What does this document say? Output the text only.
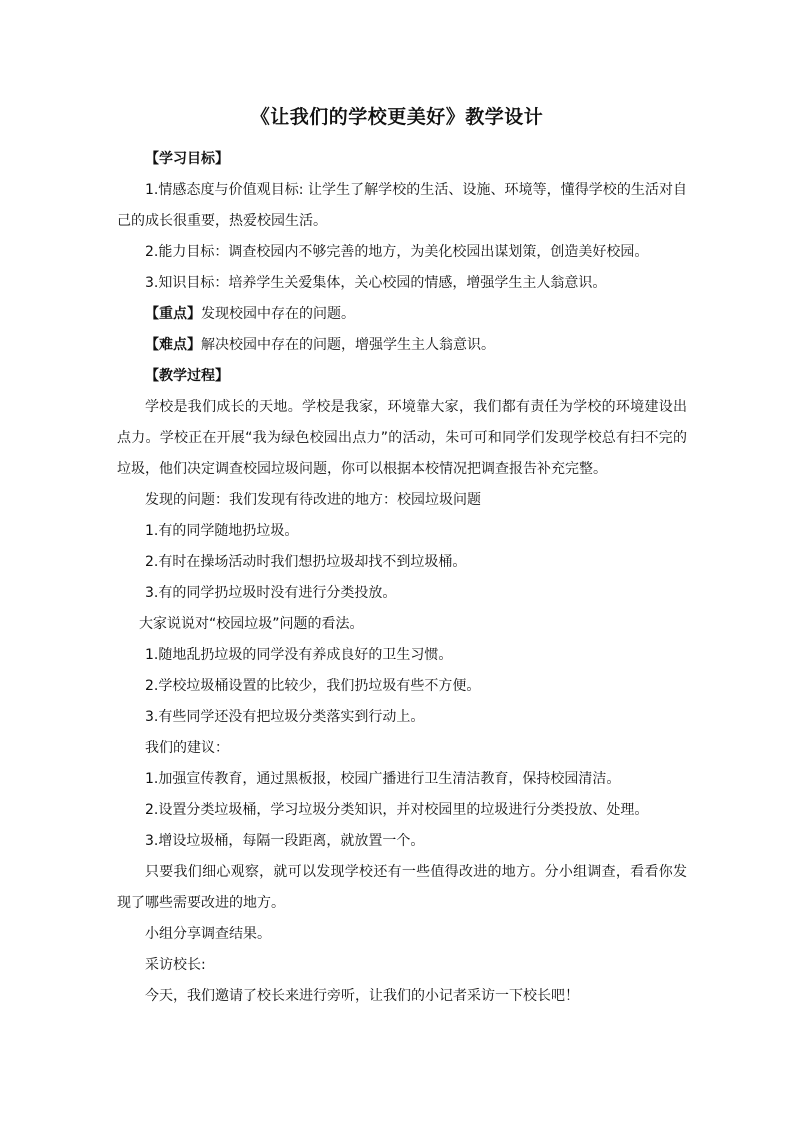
《让我们的学校更美好》教学设计

【学习目标】

1.情感态度与价值观目标: 让学生了解学校的生活、设施、环境等，懂得学校的生活对自己的成长很重要，热爱校园生活。

2.能力目标：调查校园内不够完善的地方，为美化校园出谋划策，创造美好校园。

3.知识目标：培养学生关爱集体，关心校园的情感，增强学生主人翁意识。

【重点】发现校园中存在的问题。

【难点】解决校园中存在的问题，增强学生主人翁意识。

【教学过程】

学校是我们成长的天地。学校是我家，环境靠大家，我们都有责任为学校的环境建设出点力。学校正在开展“我为绿色校园出点力”的活动，朱可可和同学们发现学校总有扫不完的垃圾，他们决定调查校园垃圾问题，你可以根据本校情况把调查报告补充完整。

发现的问题：我们发现有待改进的地方：校园垃圾问题

1.有的同学随地扔垃圾。

2.有时在操场活动时我们想扔垃圾却找不到垃圾桶。

3.有的同学扔垃圾时没有进行分类投放。

大家说说对“校园垃圾”问题的看法。

1.随地乱扔垃圾的同学没有养成良好的卫生习惯。

2.学校垃圾桶设置的比较少，我们扔垃圾有些不方便。

3.有些同学还没有把垃圾分类落实到行动上。

我们的建议：

1.加强宣传教育，通过黑板报，校园广播进行卫生清洁教育，保持校园清洁。

2.设置分类垃圾桶，学习垃圾分类知识，并对校园里的垃圾进行分类投放、处理。

3.增设垃圾桶，每隔一段距离，就放置一个。

只要我们细心观察，就可以发现学校还有一些值得改进的地方。分小组调查，看看你发现了哪些需要改进的地方。

小组分享调查结果。

采访校长:

今天，我们邀请了校长来进行旁听，让我们的小记者采访一下校长吧！
